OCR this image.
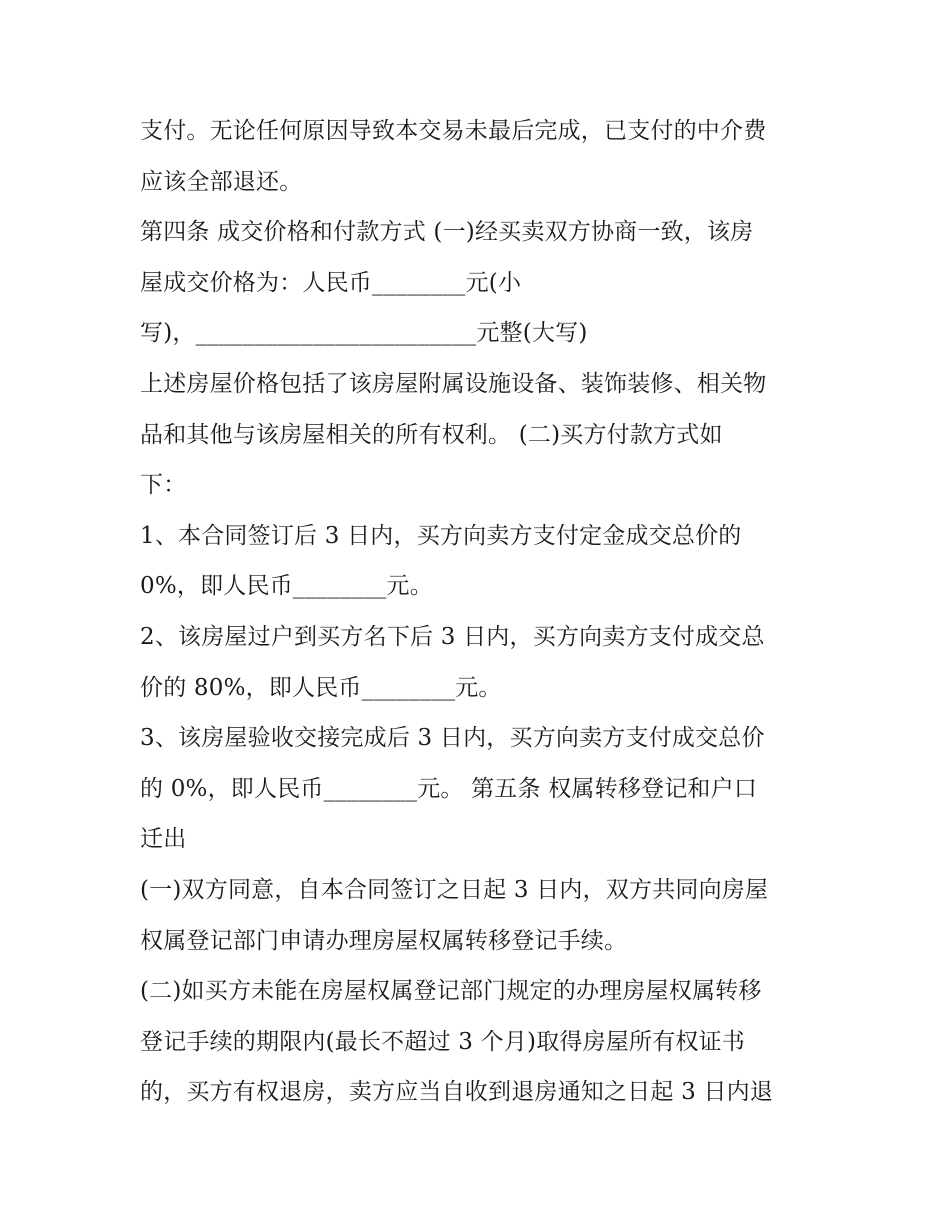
支付。无论任何原因导致本交易未最后完成，已支付的中介费
应该全部退还。
第四条 成交价格和付款方式 (一)经买卖双方协商一致，该房
屋成交价格为：人民币________元(小
写)，________________________元整(大写)
上述房屋价格包括了该房屋附属设施设备、装饰装修、相关物
品和其他与该房屋相关的所有权利。 (二)买方付款方式如
下：
1、本合同签订后 3 日内，买方向卖方支付定金成交总价的
0%，即人民币________元。
2、该房屋过户到买方名下后 3 日内，买方向卖方支付成交总
价的 80%，即人民币________元。
3、该房屋验收交接完成后 3 日内，买方向卖方支付成交总价
的 0%，即人民币________元。 第五条 权属转移登记和户口
迁出
(一)双方同意，自本合同签订之日起 3 日内，双方共同向房屋
权属登记部门申请办理房屋权属转移登记手续。
(二)如买方未能在房屋权属登记部门规定的办理房屋权属转移
登记手续的期限内(最长不超过 3 个月)取得房屋所有权证书
的，买方有权退房，卖方应当自收到退房通知之日起 3 日内退
